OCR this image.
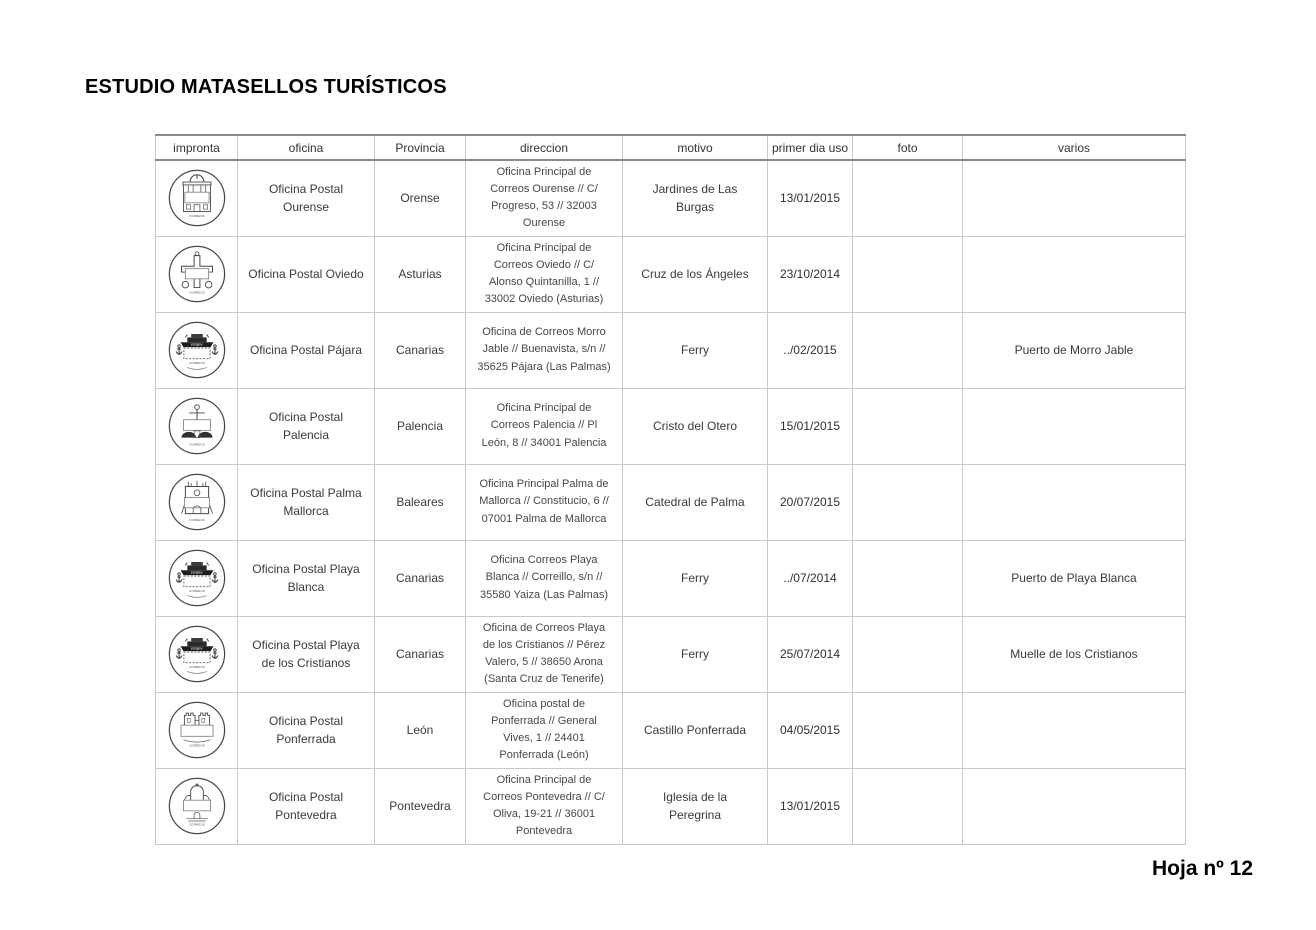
ESTUDIO MATASELLOS TURÍSTICOS
impronta	oficina	Provincia	direccion	motivo	primer dia uso	foto	varios

CORREOS	Oficina Postal Ourense	Orense	Oficina Principal de Correos Ourense // C/ Progreso, 53 // 32003 Ourense	Jardines de Las Burgas	13/01/2015		

CORREOS	Oficina Postal Oviedo	Asturias	Oficina Principal de Correos Oviedo // C/ Alonso Quintanilla, 1 // 33002 Oviedo (Asturias)	Cruz de los Ángeles	23/10/2014		

FERRY
CORREOS	Oficina Postal Pájara	Canarias	Oficina de Correos Morro Jable // Buenavista, s/n // 35625 Pájara (Las Palmas)	Ferry	../02/2015		Puerto de Morro Jable

CORREOS	Oficina Postal Palencia	Palencia	Oficina Principal de Correos Palencia // Pl León, 8 // 34001 Palencia	Cristo del Otero	15/01/2015		

CORREOS	Oficina Postal Palma Mallorca	Baleares	Oficina Principal Palma de Mallorca // Constitucio, 6 // 07001 Palma de Mallorca	Catedral de Palma	20/07/2015		

FERRY
CORREOS	Oficina Postal Playa Blanca	Canarias	Oficina Correos Playa Blanca // Correillo, s/n // 35580 Yaiza (Las Palmas)	Ferry	../07/2014		Puerto de Playa Blanca

FERRY
CORREOS	Oficina Postal Playa de los Cristianos	Canarias	Oficina de Correos Playa de los Cristianos // Pérez Valero, 5 // 38650 Arona (Santa Cruz de Tenerife)	Ferry	25/07/2014		Muelle de los Cristianos

CORREOS	Oficina Postal Ponferrada	León	Oficina postal de Ponferrada // General Vives, 1 // 24401 Ponferrada (León)	Castillo Ponferrada	04/05/2015		

CORREOS	Oficina Postal Pontevedra	Pontevedra	Oficina Principal de Correos Pontevedra // C/ Oliva, 19-21 // 36001 Pontevedra	Iglesia de la Peregrina	13/01/2015		
Hoja nº 12
